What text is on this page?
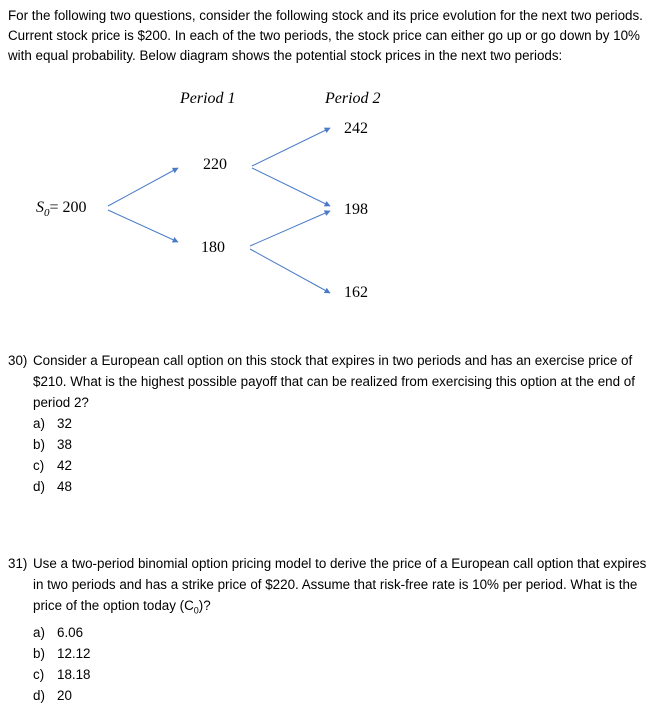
For the following two questions, consider the following stock and its price evolution for the next two periods. Current stock price is $200. In each of the two periods, the stock price can either go up or go down by 10% with equal probability. Below diagram shows the potential stock prices in the next two periods:

Period 1	Period 2
$S_0= 200$
220
180
242
198
162

30) Consider a European call option on this stock that expires in two periods and has an exercise price of $210. What is the highest possible payoff that can be realized from exercising this option at the end of period 2?

a) 32
b) 38
c) 42
d) 48

31) Use a two-period binomial option pricing model to derive the price of a European call option that expires in two periods and has a strike price of $220. Assume that risk-free rate is 10% per period. What is the price of the option today $(C_0)$?

a) 6.06
b) 12.12
c) 18.18
d) 20
